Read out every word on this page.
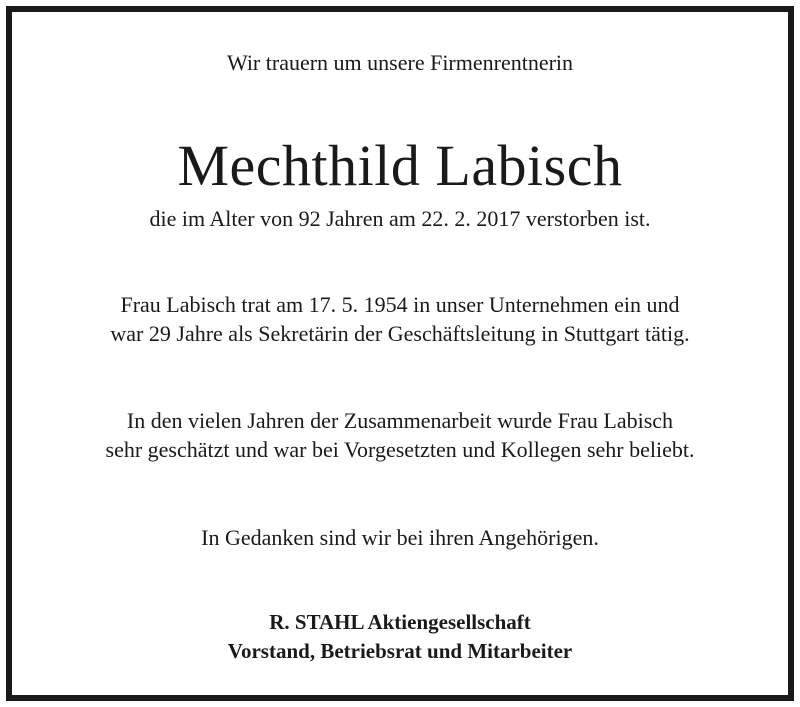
Wir trauern um unsere Firmenrentnerin
Mechthild Labisch
die im Alter von 92 Jahren am 22. 2. 2017 verstorben ist.
Frau Labisch trat am 17. 5. 1954 in unser Unternehmen ein und
war 29 Jahre als Sekretärin der Geschäftsleitung in Stuttgart tätig.
In den vielen Jahren der Zusammenarbeit wurde Frau Labisch
sehr geschätzt und war bei Vorgesetzten und Kollegen sehr beliebt.
In Gedanken sind wir bei ihren Angehörigen.
R. STAHL Aktiengesellschaft
Vorstand, Betriebsrat und Mitarbeiter
